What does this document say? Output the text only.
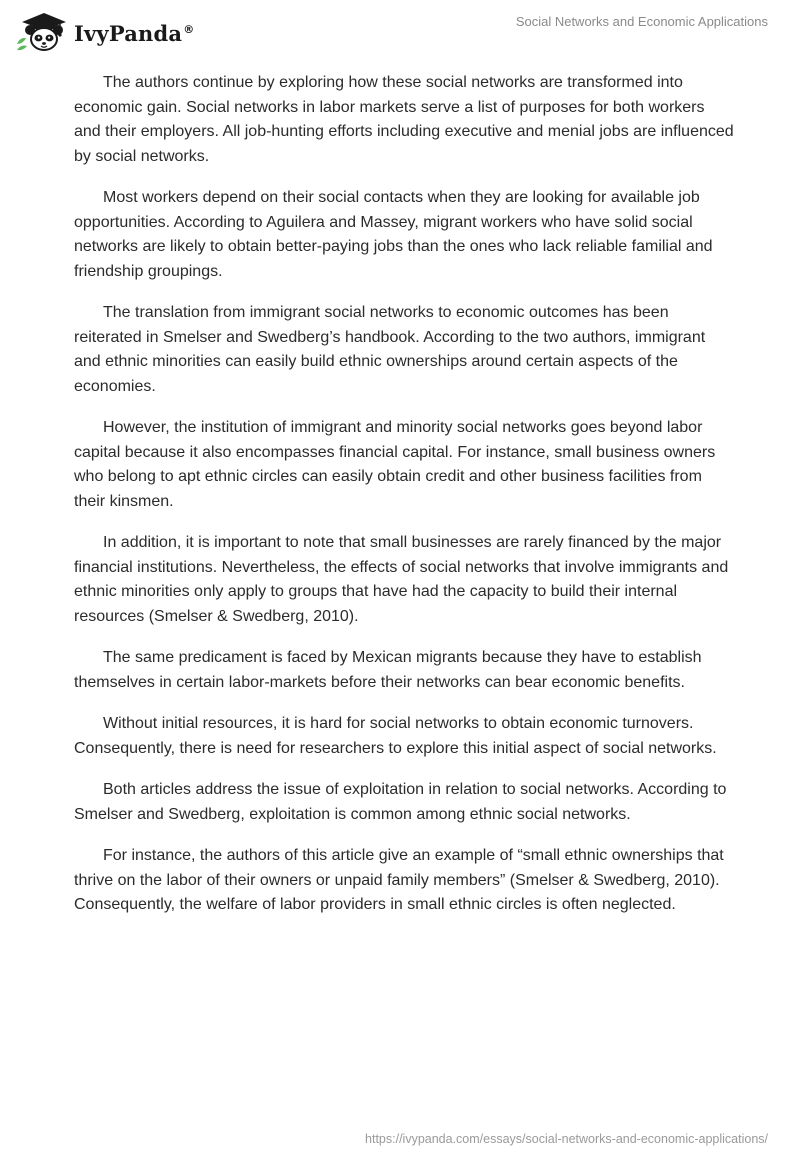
IvyPanda®	Social Networks and Economic Applications

The authors continue by exploring how these social networks are transformed into economic gain. Social networks in labor markets serve a list of purposes for both workers and their employers. All job-hunting efforts including executive and menial jobs are influenced by social networks.

Most workers depend on their social contacts when they are looking for available job opportunities. According to Aguilera and Massey, migrant workers who have solid social networks are likely to obtain better-paying jobs than the ones who lack reliable familial and friendship groupings.

The translation from immigrant social networks to economic outcomes has been reiterated in Smelser and Swedberg’s handbook. According to the two authors, immigrant and ethnic minorities can easily build ethnic ownerships around certain aspects of the economies.

However, the institution of immigrant and minority social networks goes beyond labor capital because it also encompasses financial capital. For instance, small business owners who belong to apt ethnic circles can easily obtain credit and other business facilities from their kinsmen.

In addition, it is important to note that small businesses are rarely financed by the major financial institutions. Nevertheless, the effects of social networks that involve immigrants and ethnic minorities only apply to groups that have had the capacity to build their internal resources (Smelser & Swedberg, 2010).

The same predicament is faced by Mexican migrants because they have to establish themselves in certain labor-markets before their networks can bear economic benefits.

Without initial resources, it is hard for social networks to obtain economic turnovers. Consequently, there is need for researchers to explore this initial aspect of social networks.

Both articles address the issue of exploitation in relation to social networks. According to Smelser and Swedberg, exploitation is common among ethnic social networks.

For instance, the authors of this article give an example of “small ethnic ownerships that thrive on the labor of their owners or unpaid family members” (Smelser & Swedberg, 2010). Consequently, the welfare of labor providers in small ethnic circles is often neglected.

https://ivypanda.com/essays/social-networks-and-economic-applications/
